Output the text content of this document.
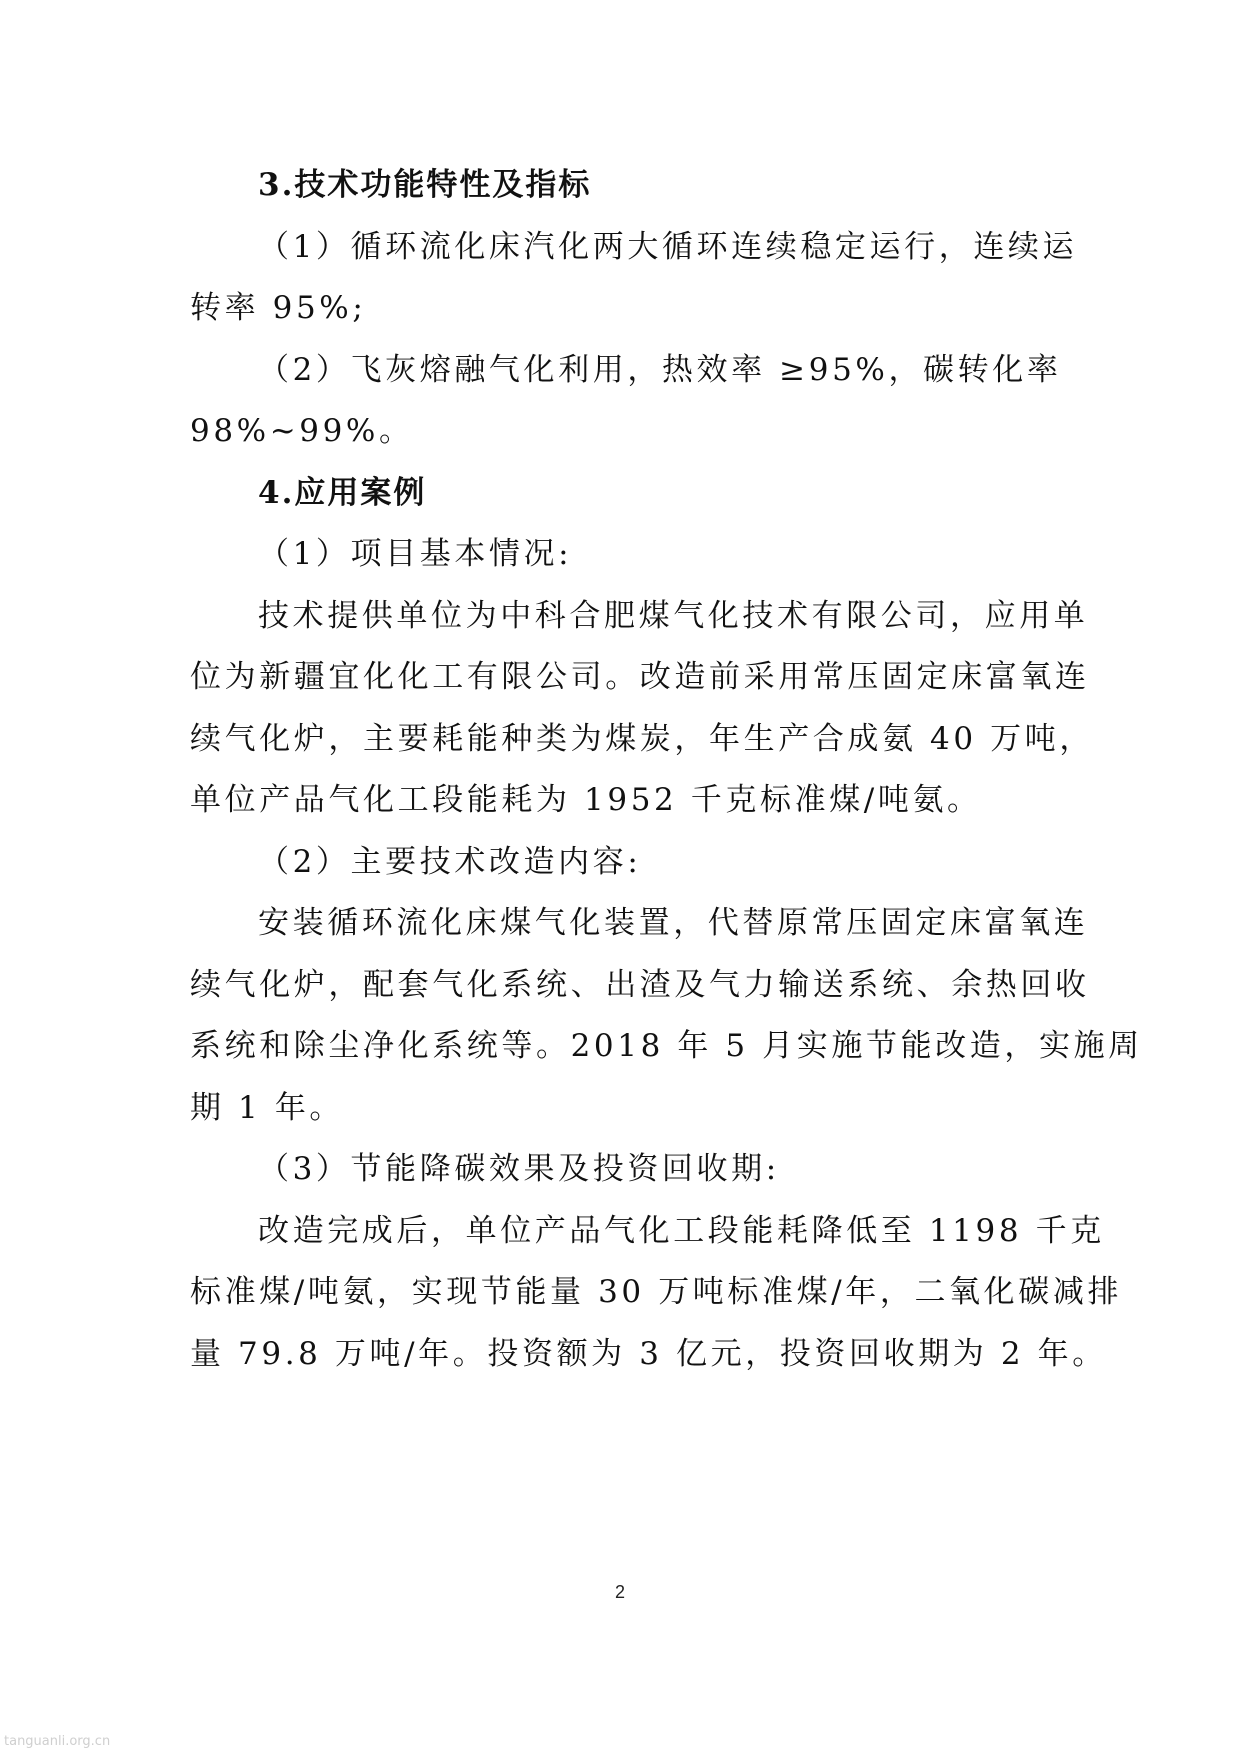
3.技术功能特性及指标
（1）循环流化床汽化两大循环连续稳定运行，连续运
转率 95%;
（2）飞灰熔融气化利用，热效率 ≥95%，碳转化率
98%~99%。
4.应用案例
（1）项目基本情况:
技术提供单位为中科合肥煤气化技术有限公司，应用单
位为新疆宜化化工有限公司。改造前采用常压固定床富氧连
续气化炉，主要耗能种类为煤炭，年生产合成氨 40 万吨，
单位产品气化工段能耗为 1952 千克标准煤/吨氨。
（2）主要技术改造内容:
安装循环流化床煤气化装置，代替原常压固定床富氧连
续气化炉，配套气化系统、出渣及气力输送系统、余热回收
系统和除尘净化系统等。2018 年 5 月实施节能改造，实施周
期 1 年。
（3）节能降碳效果及投资回收期:
改造完成后，单位产品气化工段能耗降低至 1198 千克
标准煤/吨氨，实现节能量 30 万吨标准煤/年，二氧化碳减排
量 79.8 万吨/年。投资额为 3 亿元，投资回收期为 2 年。
2
tanguanli.org.cn
